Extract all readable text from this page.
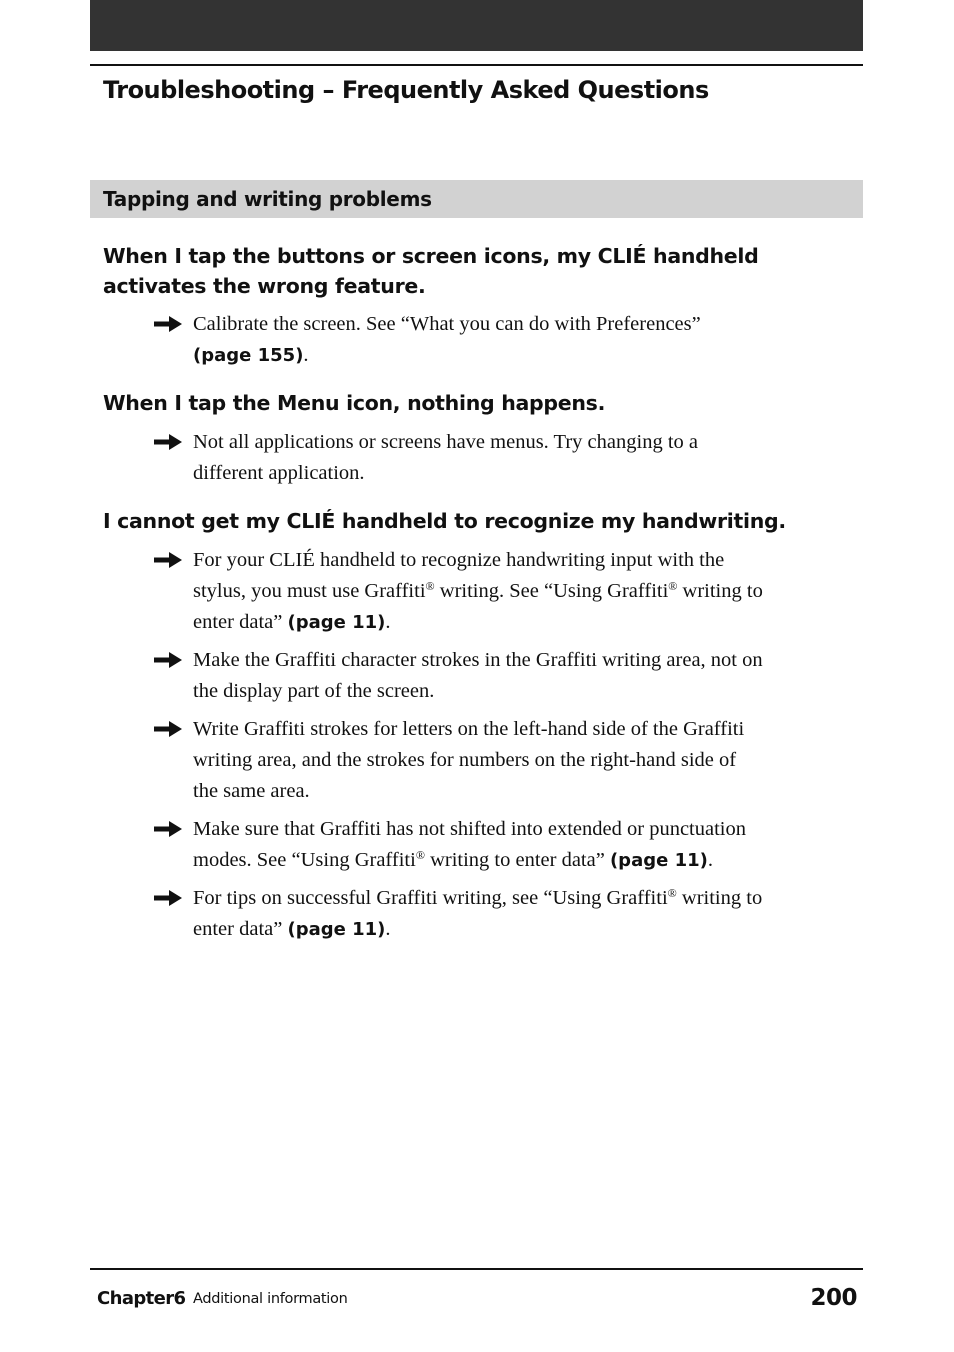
Troubleshooting – Frequently Asked Questions
Tapping and writing problems
When I tap the buttons or screen icons, my CLIÉ handheld
activates the wrong feature.
Calibrate the screen. See “What you can do with Preferences”
(page 155).
When I tap the Menu icon, nothing happens.
Not all applications or screens have menus. Try changing to a
different application.
I cannot get my CLIÉ handheld to recognize my handwriting.
For your CLIÉ handheld to recognize handwriting input with the
stylus, you must use Graffiti® writing. See “Using Graffiti® writing to
enter data” (page 11).
Make the Graffiti character strokes in the Graffiti writing area, not on
the display part of the screen.
Write Graffiti strokes for letters on the left-hand side of the Graffiti
writing area, and the strokes for numbers on the right-hand side of
the same area.
Make sure that Graffiti has not shifted into extended or punctuation
modes. See “Using Graffiti® writing to enter data” (page 11).
For tips on successful Graffiti writing, see “Using Graffiti® writing to
enter data” (page 11).
Chapter6 Additional information	200
